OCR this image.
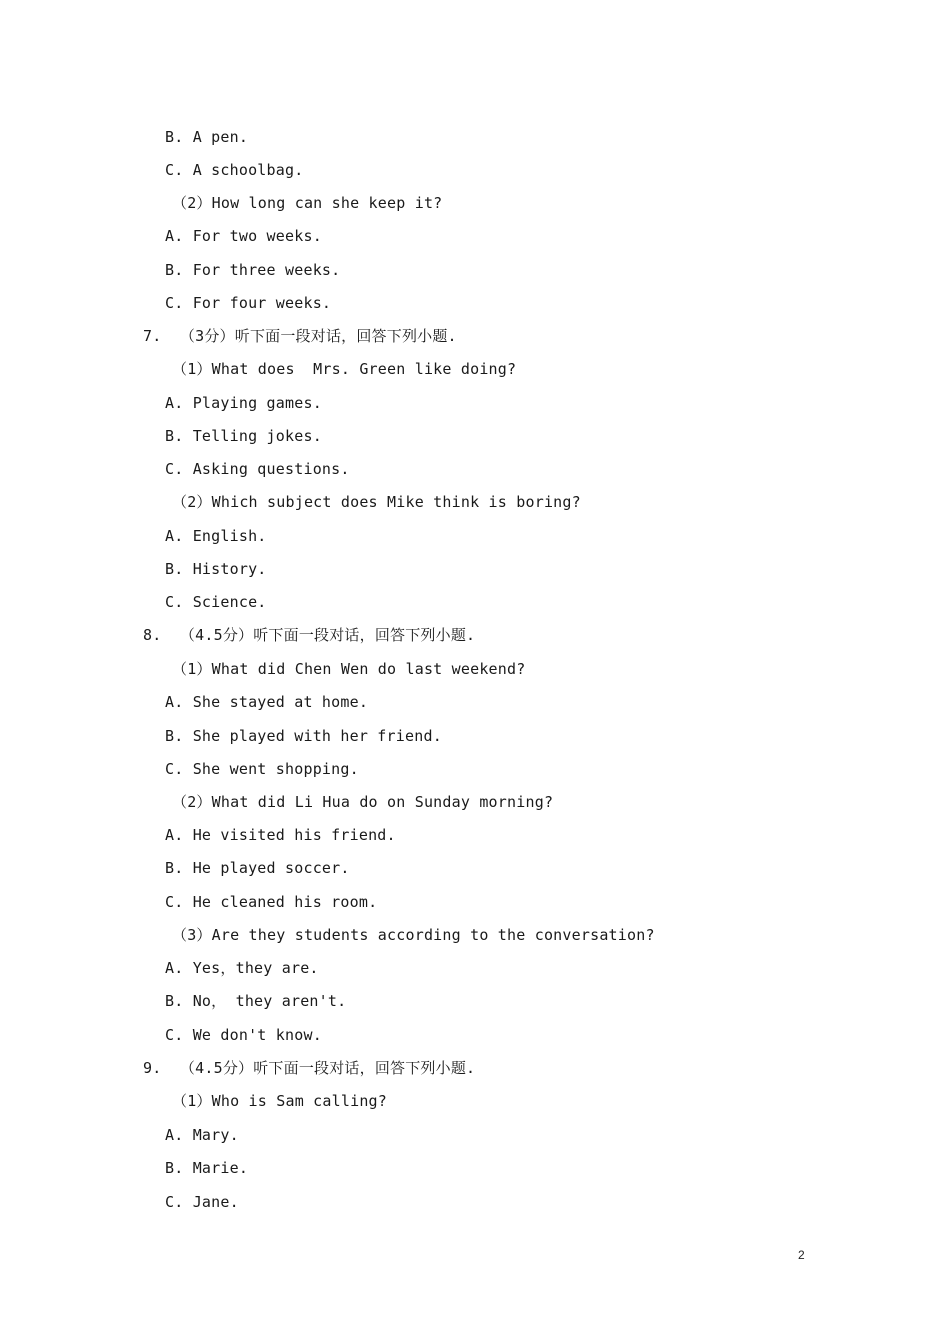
B. A pen.
C. A schoolbag.
（2）How long can she keep it?
A. For two weeks.
B. For three weeks.
C. For four weeks.
7.  （3分）听下面一段对话，回答下列小题.
（1）What does  Mrs. Green like doing?
A. Playing games.
B. Telling jokes.
C. Asking questions.
（2）Which subject does Mike think is boring?
A. English.
B. History.
C. Science.
8.  （4.5分）听下面一段对话，回答下列小题.
（1）What did Chen Wen do last weekend?
A. She stayed at home.
B. She played with her friend.
C. She went shopping.
（2）What did Li Hua do on Sunday morning?
A. He visited his friend.
B. He played soccer.
C. He cleaned his room.
（3）Are they students according to the conversation?
A. Yes，they are.
B. No， they aren't.
C. We don't know.
9.  （4.5分）听下面一段对话，回答下列小题.
（1）Who is Sam calling?
A. Mary.
B. Marie.
C. Jane.
2
